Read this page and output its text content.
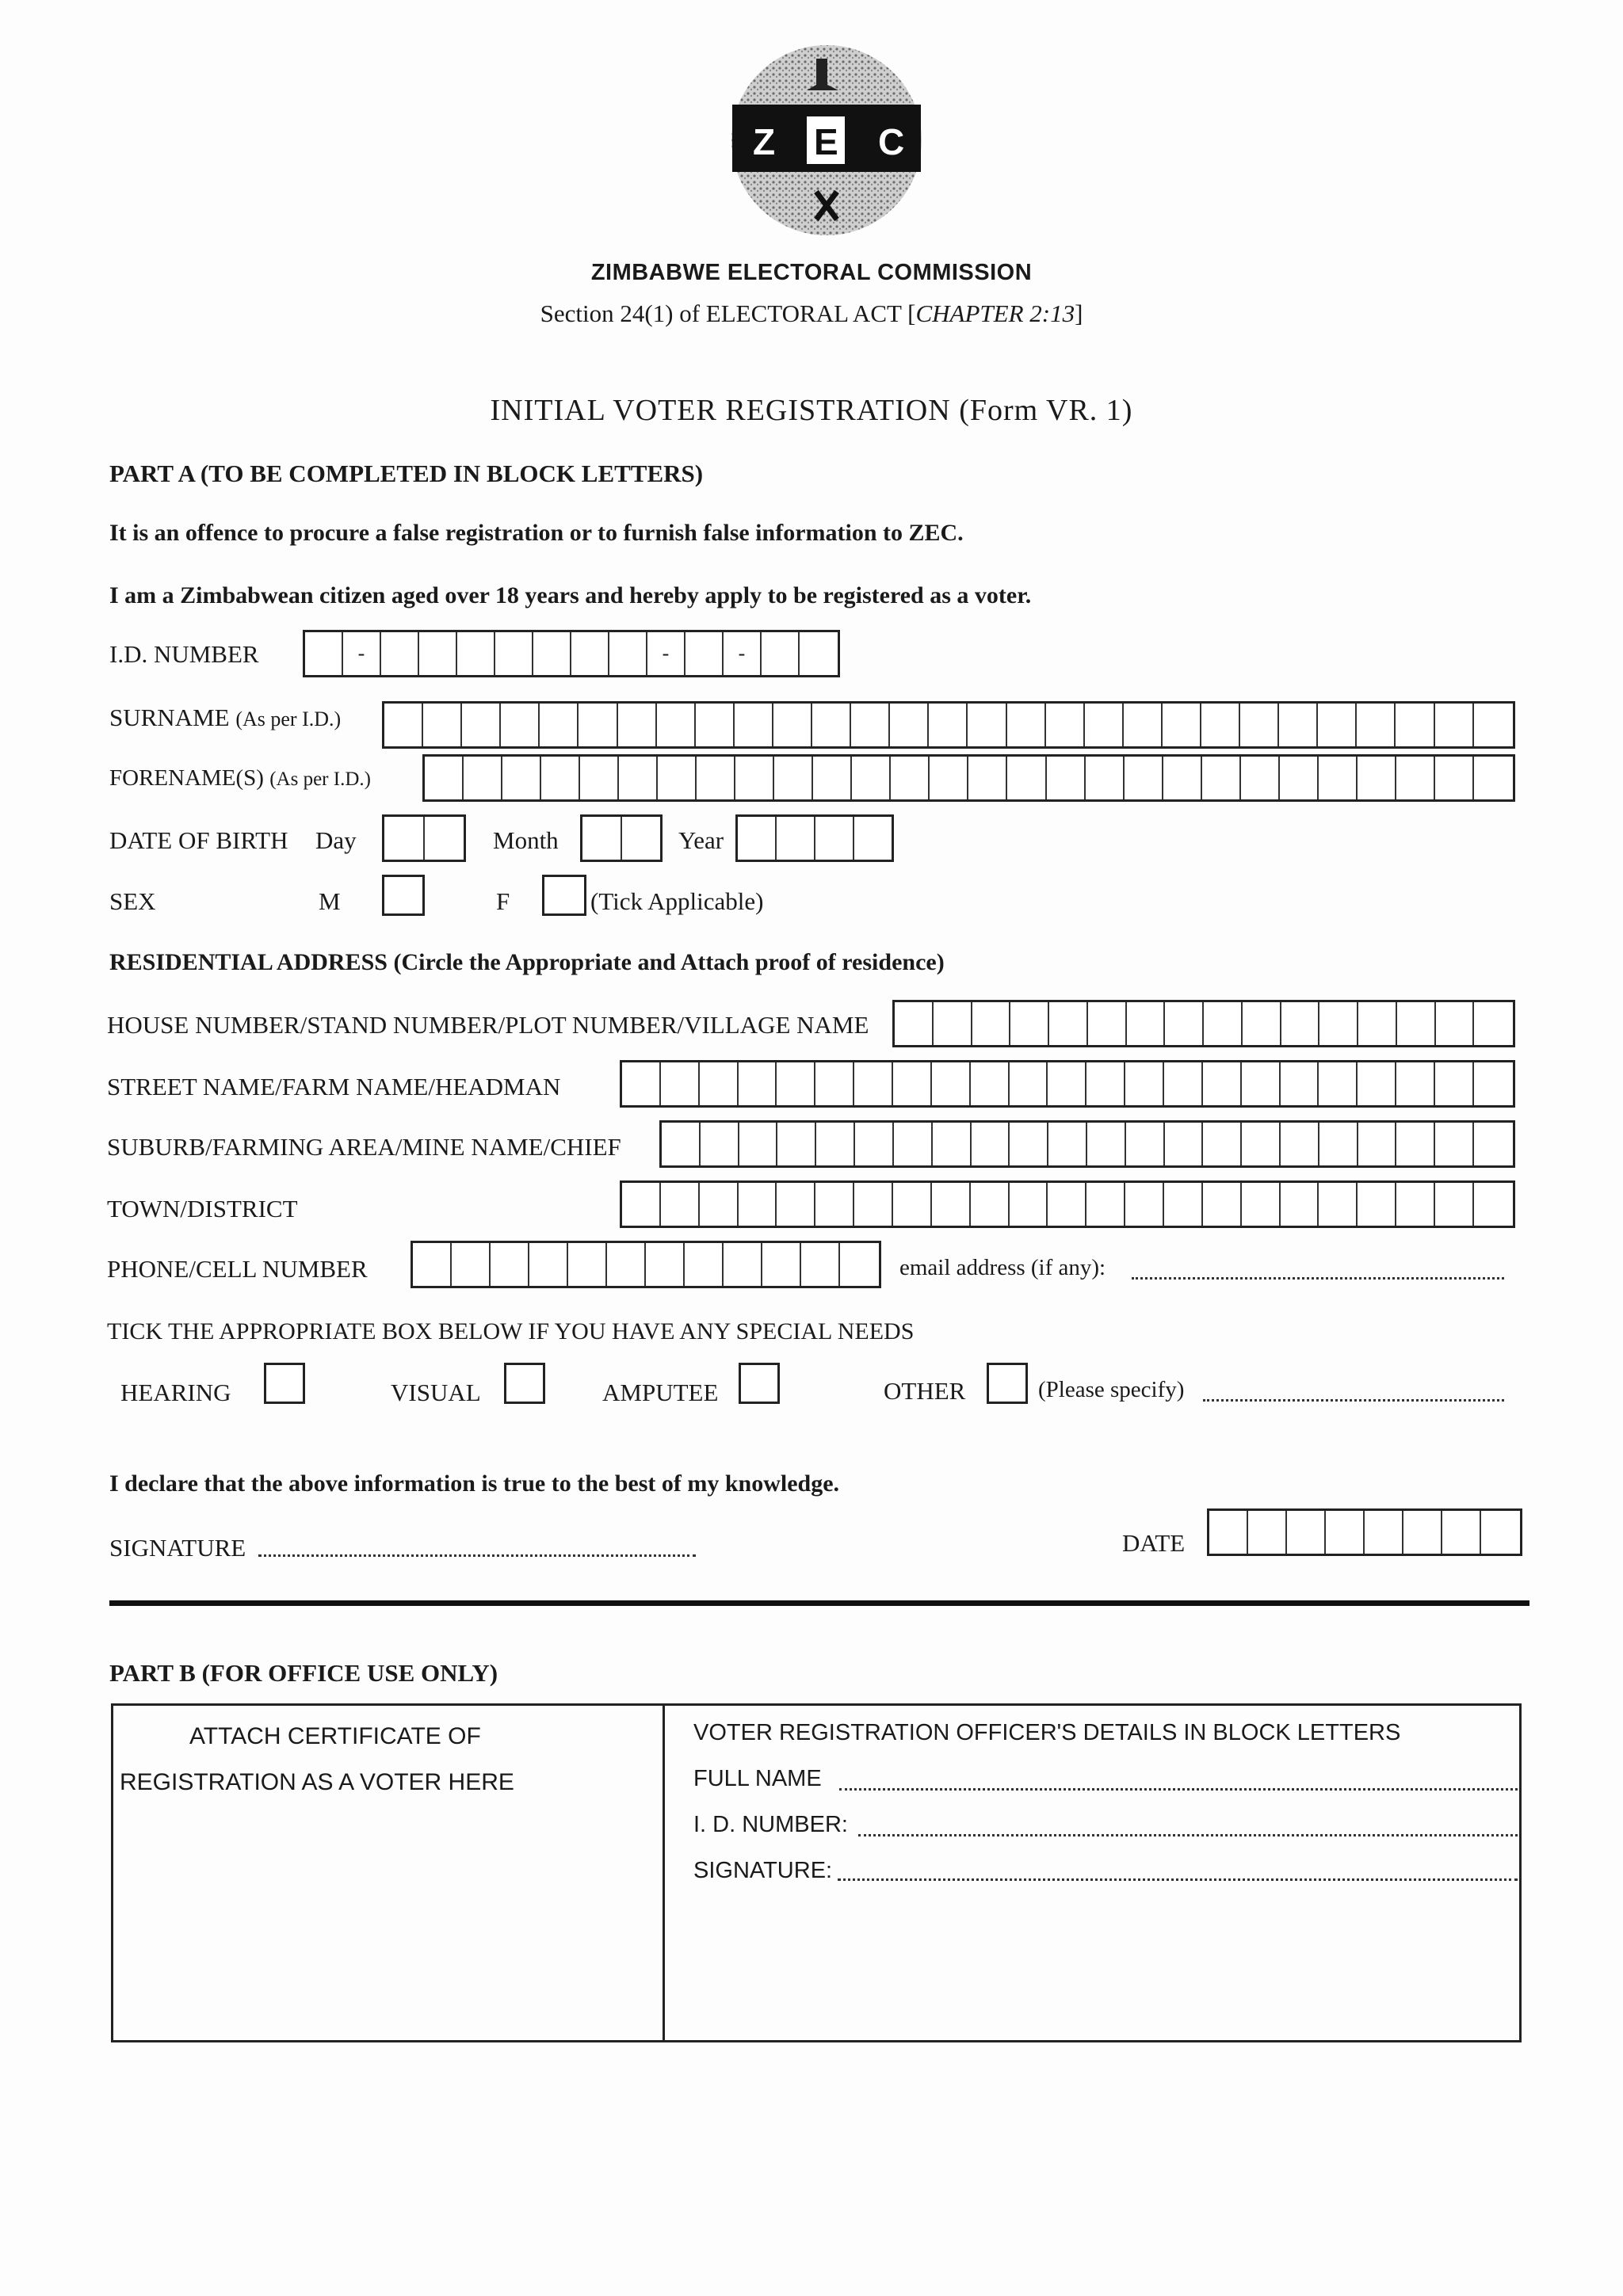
Z E C
ZIMBABWE ELECTORAL COMMISSION
Section 24(1) of ELECTORAL ACT [CHAPTER 2:13]
INITIAL VOTER REGISTRATION (Form VR. 1)
PART A (TO BE COMPLETED IN BLOCK LETTERS)
It is an offence to procure a false registration or to furnish false information to ZEC.
I am a Zimbabwean citizen aged over 18 years and hereby apply to be registered as a voter.
I.D. NUMBER	-	-	-
SURNAME (As per I.D.)
FORENAME(S) (As per I.D.)
DATE OF BIRTH Day	Month	Year
SEX	M	F	(Tick Applicable)
RESIDENTIAL ADDRESS (Circle the Appropriate and Attach proof of residence)
HOUSE NUMBER/STAND NUMBER/PLOT NUMBER/VILLAGE NAME
STREET NAME/FARM NAME/HEADMAN
SUBURB/FARMING AREA/MINE NAME/CHIEF
TOWN/DISTRICT
PHONE/CELL NUMBER	email address (if any):
TICK THE APPROPRIATE BOX BELOW IF YOU HAVE ANY SPECIAL NEEDS
HEARING	VISUAL	AMPUTEE	OTHER	(Please specify)
I declare that the above information is true to the best of my knowledge.
SIGNATURE	DATE
PART B (FOR OFFICE USE ONLY)
ATTACH CERTIFICATE OF
REGISTRATION AS A VOTER HERE
VOTER REGISTRATION OFFICER'S DETAILS IN BLOCK LETTERS
FULL NAME
I. D. NUMBER:
SIGNATURE:
